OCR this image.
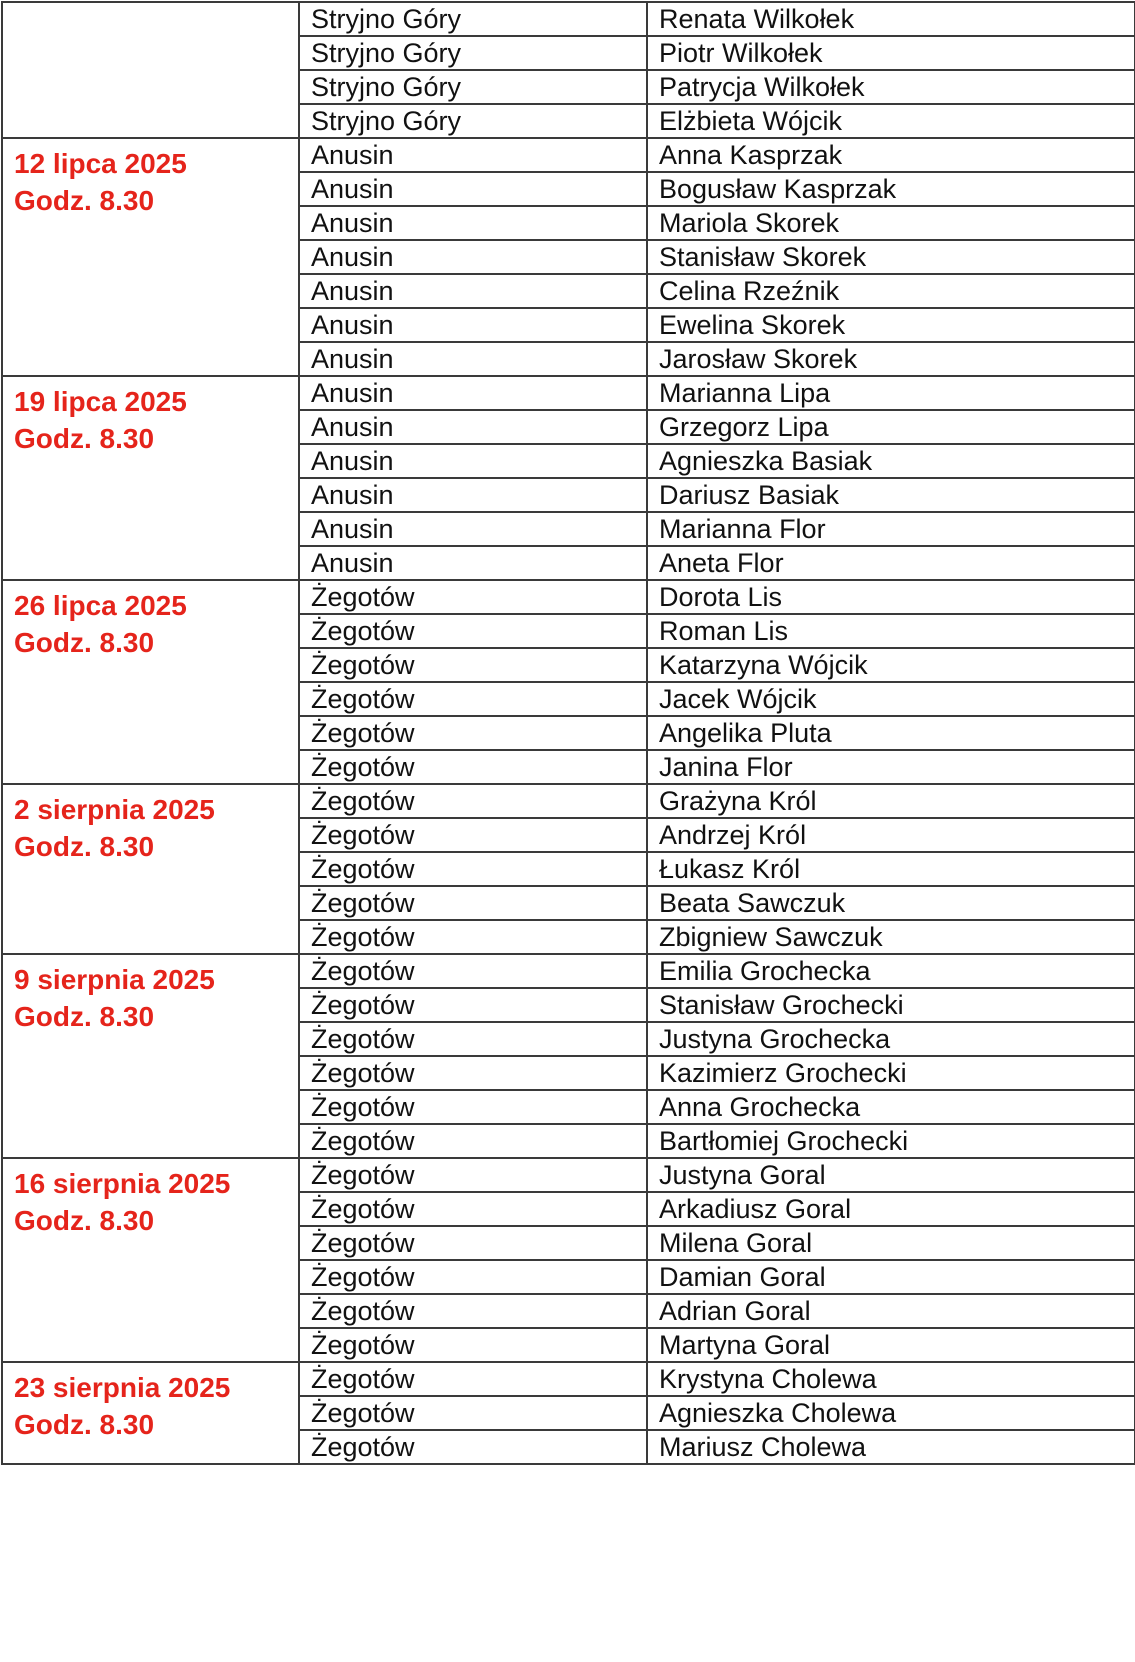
	Stryjno Góry	Renata Wilkołek
	Stryjno Góry	Piotr Wilkołek
	Stryjno Góry	Patrycja Wilkołek
	Stryjno Góry	Elżbieta Wójcik

12 lipca 2025
Godz. 8.30	Anusin	Anna Kasprzak
	Anusin	Bogusław Kasprzak
	Anusin	Mariola Skorek
	Anusin	Stanisław Skorek
	Anusin	Celina Rzeźnik
	Anusin	Ewelina Skorek
	Anusin	Jarosław Skorek

19 lipca 2025
Godz. 8.30	Anusin	Marianna Lipa
	Anusin	Grzegorz Lipa
	Anusin	Agnieszka Basiak
	Anusin	Dariusz Basiak
	Anusin	Marianna Flor
	Anusin	Aneta Flor

26 lipca 2025
Godz. 8.30	Żegotów	Dorota Lis
	Żegotów	Roman Lis
	Żegotów	Katarzyna Wójcik
	Żegotów	Jacek Wójcik
	Żegotów	Angelika Pluta
	Żegotów	Janina Flor

2 sierpnia 2025
Godz. 8.30	Żegotów	Grażyna Król
	Żegotów	Andrzej Król
	Żegotów	Łukasz Król
	Żegotów	Beata Sawczuk
	Żegotów	Zbigniew Sawczuk

9 sierpnia 2025
Godz. 8.30	Żegotów	Emilia Grochecka
	Żegotów	Stanisław Grochecki
	Żegotów	Justyna Grochecka
	Żegotów	Kazimierz Grochecki
	Żegotów	Anna Grochecka
	Żegotów	Bartłomiej Grochecki

16 sierpnia 2025
Godz. 8.30	Żegotów	Justyna Goral
	Żegotów	Arkadiusz Goral
	Żegotów	Milena Goral
	Żegotów	Damian Goral
	Żegotów	Adrian Goral
	Żegotów	Martyna Goral

23 sierpnia 2025
Godz. 8.30	Żegotów	Krystyna Cholewa
	Żegotów	Agnieszka Cholewa
	Żegotów	Mariusz Cholewa
